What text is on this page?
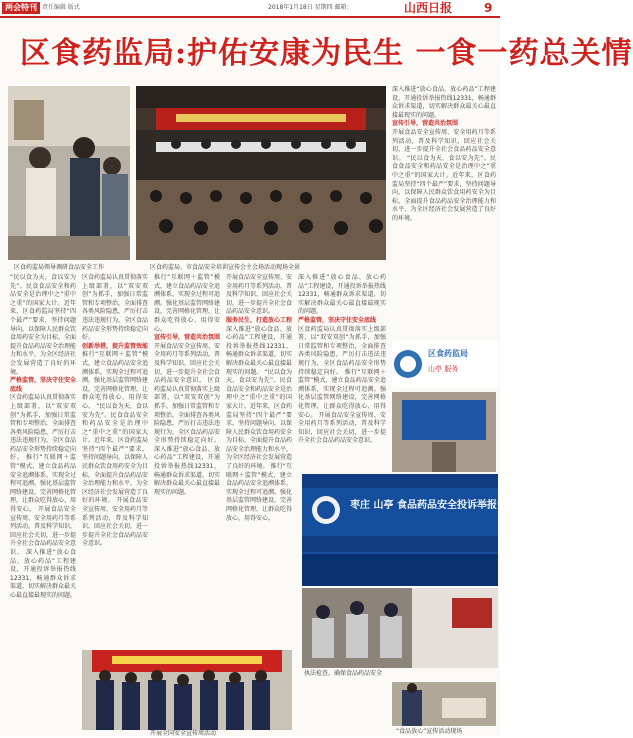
两会特刊 责任编辑 版式	2018年1月18日 星期四 邮箱：	山西日报	9
区食药监局:护佑安康为民生 一食一药总关情
区食药监局领导调研食品安全工作	区食药监局、市食品安全培训宣传会主会场活动现场全景
深入推进“放心食品、放心药品”工程建设，开通投诉举报热线12331，畅通群众诉求渠道，切实解决群众最关心最直接最现实的问题。
宣传引导，营造共治氛围
开展食品安全宣传周、安全用药月等系列活动，普及科学知识，回应社会关切，进一步提升全社会食品药品安全意识。 “民以食为天，食以安为先”。民食食品安全和药品安全是治理中之“重中之重”的国家大计。近年来，区食药监局坚持“四个最严”要求，坚持问题导向，以保障人民群众饮食用药安全为目标，全面提升食品药品安全治理能力和水平，为全区经济社会发展营造了良好的环境。
区食药监局
山亭 服务
“民以食为天，食以安为先”。民食食品安全和药品安全是治理中之“重中之重”的国家大计。近年来，区食药监局坚持“四个最严”要求，坚持问题导向，以保障人民群众饮食用药安全为目标，全面提升食品药品安全治理能力和水平，为全区经济社会发展营造了良好的环境。
严格监管，坚决守住安全底线
区食药监局认真贯彻落实上级部署，以“双安双创”为抓手，加强日常监管和专项整治，全面排查各类风险隐患，严厉打击违法违规行为，全区食品药品安全形势持续稳定向好。 推行“互联网＋监管”模式，建立食品药品安全追溯体系，实现全过程可追溯。强化基层监管网络建设，完善网格化管理，让群众吃得放心、用得安心。 开展食品安全宣传周、安全用药月等系列活动，普及科学知识，回应社会关切，进一步提升全社会食品药品安全意识。 深入推进“放心食品、放心药品”工程建设，开通投诉举报热线12331，畅通群众诉求渠道，切实解决群众最关心最直接最现实的问题。
区食药监局认真贯彻落实上级部署，以“双安双创”为抓手，加强日常监管和专项整治，全面排查各类风险隐患，严厉打击违法违规行为，全区食品药品安全形势持续稳定向好。
创新举措，提升监管效能
推行“互联网＋监管”模式，建立食品药品安全追溯体系，实现全过程可追溯。强化基层监管网络建设，完善网格化管理，让群众吃得放心、用得安心。 “民以食为天，食以安为先”。民食食品安全和药品安全是治理中之“重中之重”的国家大计。近年来，区食药监局坚持“四个最严”要求，坚持问题导向，以保障人民群众饮食用药安全为目标，全面提升食品药品安全治理能力和水平，为全区经济社会发展营造了良好的环境。 开展食品安全宣传周、安全用药月等系列活动，普及科学知识，回应社会关切，进一步提升全社会食品药品安全意识。
推行“互联网＋监管”模式，建立食品药品安全追溯体系，实现全过程可追溯。强化基层监管网络建设，完善网格化管理，让群众吃得放心、用得安心。
宣传引导，营造共治氛围
开展食品安全宣传周、安全用药月等系列活动，普及科学知识，回应社会关切，进一步提升全社会食品药品安全意识。 区食药监局认真贯彻落实上级部署，以“双安双创”为抓手，加强日常监管和专项整治，全面排查各类风险隐患，严厉打击违法违规行为，全区食品药品安全形势持续稳定向好。 深入推进“放心食品、放心药品”工程建设，开通投诉举报热线12331，畅通群众诉求渠道，切实解决群众最关心最直接最现实的问题。
开展食品安全宣传周、安全用药月等系列活动，普及科学知识，回应社会关切，进一步提升全社会食品药品安全意识。
服务民生，打造放心工程
深入推进“放心食品、放心药品”工程建设，开通投诉举报热线12331，畅通群众诉求渠道，切实解决群众最关心最直接最现实的问题。 “民以食为天，食以安为先”。民食食品安全和药品安全是治理中之“重中之重”的国家大计。近年来，区食药监局坚持“四个最严”要求，坚持问题导向，以保障人民群众饮食用药安全为目标，全面提升食品药品安全治理能力和水平，为全区经济社会发展营造了良好的环境。 推行“互联网＋监管”模式，建立食品药品安全追溯体系，实现全过程可追溯。强化基层监管网络建设，完善网格化管理，让群众吃得放心、用得安心。
深入推进“放心食品、放心药品”工程建设，开通投诉举报热线12331，畅通群众诉求渠道，切实解决群众最关心最直接最现实的问题。
严格监管，坚决守住安全底线
区食药监局认真贯彻落实上级部署，以“双安双创”为抓手，加强日常监管和专项整治，全面排查各类风险隐患，严厉打击违法违规行为，全区食品药品安全形势持续稳定向好。 推行“互联网＋监管”模式，建立食品药品安全追溯体系，实现全过程可追溯。强化基层监管网络建设，完善网格化管理，让群众吃得放心、用得安心。 开展食品安全宣传周、安全用药月等系列活动，普及科学知识，回应社会关切，进一步提升全社会食品药品安全意识。
枣庄 山亭 食品药品安全投诉举报中心 12331
执法检查，确保食品药品安全
开展全国安全宣传周活动	“食品放心”宣传活动现场
